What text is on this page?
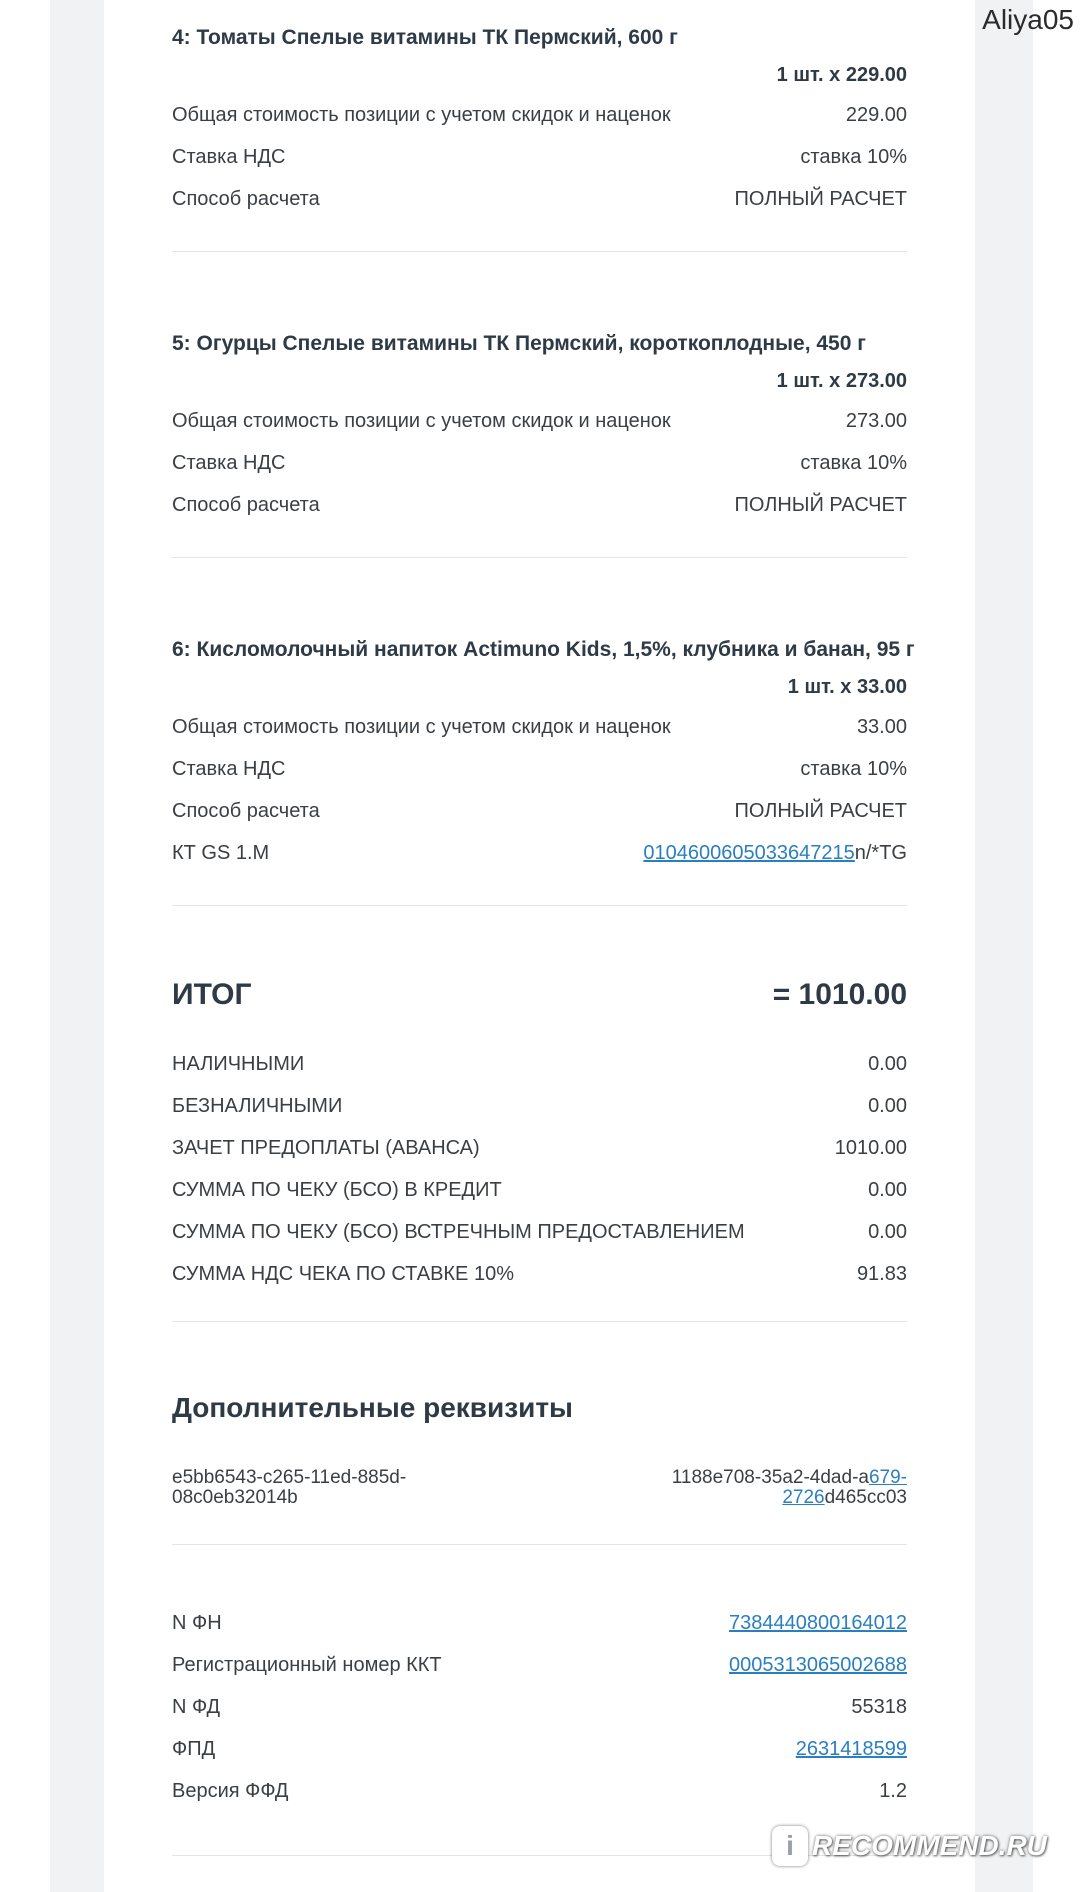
4: Томаты Спелые витамины ТК Пермский, 600 г
1 шт. х 229.00
Общая стоимость позиции с учетом скидок и наценок	229.00
Ставка НДС	ставка 10%
Способ расчета	ПОЛНЫЙ РАСЧЕТ
5: Огурцы Спелые витамины ТК Пермский, короткоплодные, 450 г
1 шт. х 273.00
Общая стоимость позиции с учетом скидок и наценок	273.00
Ставка НДС	ставка 10%
Способ расчета	ПОЛНЫЙ РАСЧЕТ
6: Кисломолочный напиток Actimuno Kids, 1,5%, клубника и банан, 95 г
1 шт. х 33.00
Общая стоимость позиции с учетом скидок и наценок	33.00
Ставка НДС	ставка 10%
Способ расчета	ПОЛНЫЙ РАСЧЕТ
КТ GS 1.М	0104600605033647215n/*TG
ИТОГ	= 1010.00
НАЛИЧНЫМИ	0.00
БЕЗНАЛИЧНЫМИ	0.00
ЗАЧЕТ ПРЕДОПЛАТЫ (АВАНСА)	1010.00
СУММА ПО ЧЕКУ (БСО) В КРЕДИТ	0.00
СУММА ПО ЧЕКУ (БСО) ВСТРЕЧНЫМ ПРЕДОСТАВЛЕНИЕМ	0.00
СУММА НДС ЧЕКА ПО СТАВКЕ 10%	91.83
Дополнительные реквизиты
e5bb6543-c265-11ed-885d-
08c0eb32014b
1188e708-35a2-4dad-a679-
2726d465cc03
N ФН	7384440800164012
Регистрационный номер ККТ	0005313065002688
N ФД	55318
ФПД	2631418599
Версия ФФД	1.2
Aliya05
i RECOMMEND.RU
